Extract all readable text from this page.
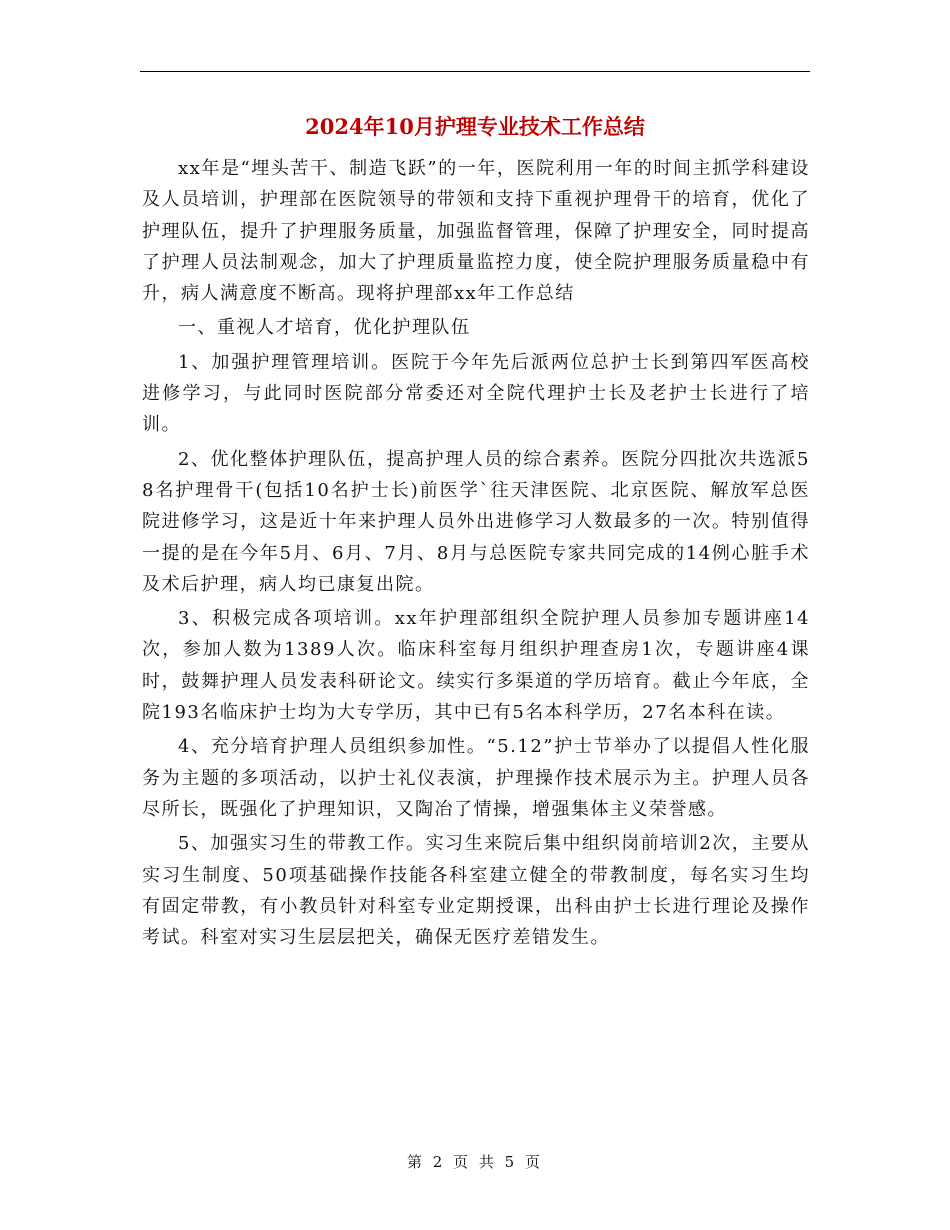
2024年10月护理专业技术工作总结

xx年是“埋头苦干、制造飞跃”的一年，医院利用一年的时间主抓学科建设及人员培训，护理部在医院领导的带领和支持下重视护理骨干的培育，优化了护理队伍，提升了护理服务质量，加强监督管理，保障了护理安全，同时提高了护理人员法制观念，加大了护理质量监控力度，使全院护理服务质量稳中有升，病人满意度不断高。现将护理部xx年工作总结

一、重视人才培育，优化护理队伍

1、加强护理管理培训。医院于今年先后派两位总护士长到第四军医高校进修学习，与此同时医院部分常委还对全院代理护士长及老护士长进行了培训。

2、优化整体护理队伍，提高护理人员的综合素养。医院分四批次共选派58名护理骨干(包括10名护士长)前医学`往天津医院、北京医院、解放军总医院进修学习，这是近十年来护理人员外出进修学习人数最多的一次。特别值得一提的是在今年5月、6月、7月、8月与总医院专家共同完成的14例心脏手术及术后护理，病人均已康复出院。

3、积极完成各项培训。xx年护理部组织全院护理人员参加专题讲座14次，参加人数为1389人次。临床科室每月组织护理查房1次，专题讲座4课时，鼓舞护理人员发表科研论文。续实行多渠道的学历培育。截止今年底，全院193名临床护士均为大专学历，其中已有5名本科学历，27名本科在读。

4、充分培育护理人员组织参加性。“5.12”护士节举办了以提倡人性化服务为主题的多项活动，以护士礼仪表演，护理操作技术展示为主。护理人员各尽所长，既强化了护理知识，又陶冶了情操，增强集体主义荣誉感。

5、加强实习生的带教工作。实习生来院后集中组织岗前培训2次，主要从实习生制度、50项基础操作技能各科室建立健全的带教制度，每名实习生均有固定带教，有小教员针对科室专业定期授课，出科由护士长进行理论及操作考试。科室对实习生层层把关，确保无医疗差错发生。

第 2 页 共 5 页
